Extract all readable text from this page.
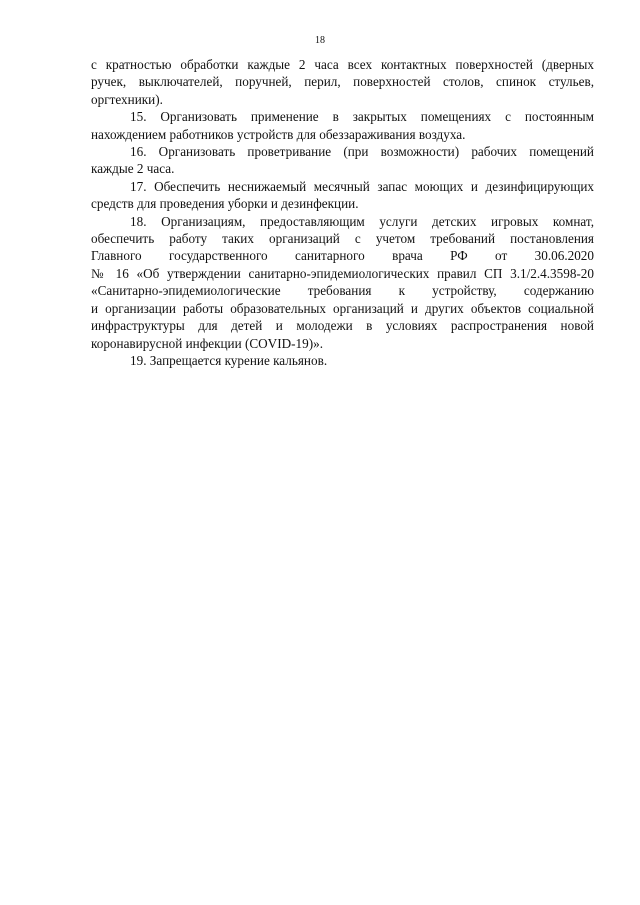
18

с кратностью обработки каждые 2 часа всех контактных поверхностей (дверных
ручек, выключателей, поручней, перил, поверхностей столов, спинок стульев,
оргтехники).

15. Организовать применение в закрытых помещениях с постоянным
нахождением работников устройств для обеззараживания воздуха.

16. Организовать проветривание (при возможности) рабочих помещений
каждые 2 часа.

17. Обеспечить неснижаемый месячный запас моющих и дезинфицирующих
средств для проведения уборки и дезинфекции.

18. Организациям, предоставляющим услуги детских игровых комнат,
обеспечить работу таких организаций с учетом требований постановления
Главного государственного санитарного врача РФ от 30.06.2020
№ 16 «Об утверждении санитарно-эпидемиологических правил СП 3.1/2.4.3598-20
«Санитарно-эпидемиологические требования к устройству, содержанию
и организации работы образовательных организаций и других объектов социальной
инфраструктуры для детей и молодежи в условиях распространения новой
коронавирусной инфекции (COVID-19)».

19. Запрещается курение кальянов.
